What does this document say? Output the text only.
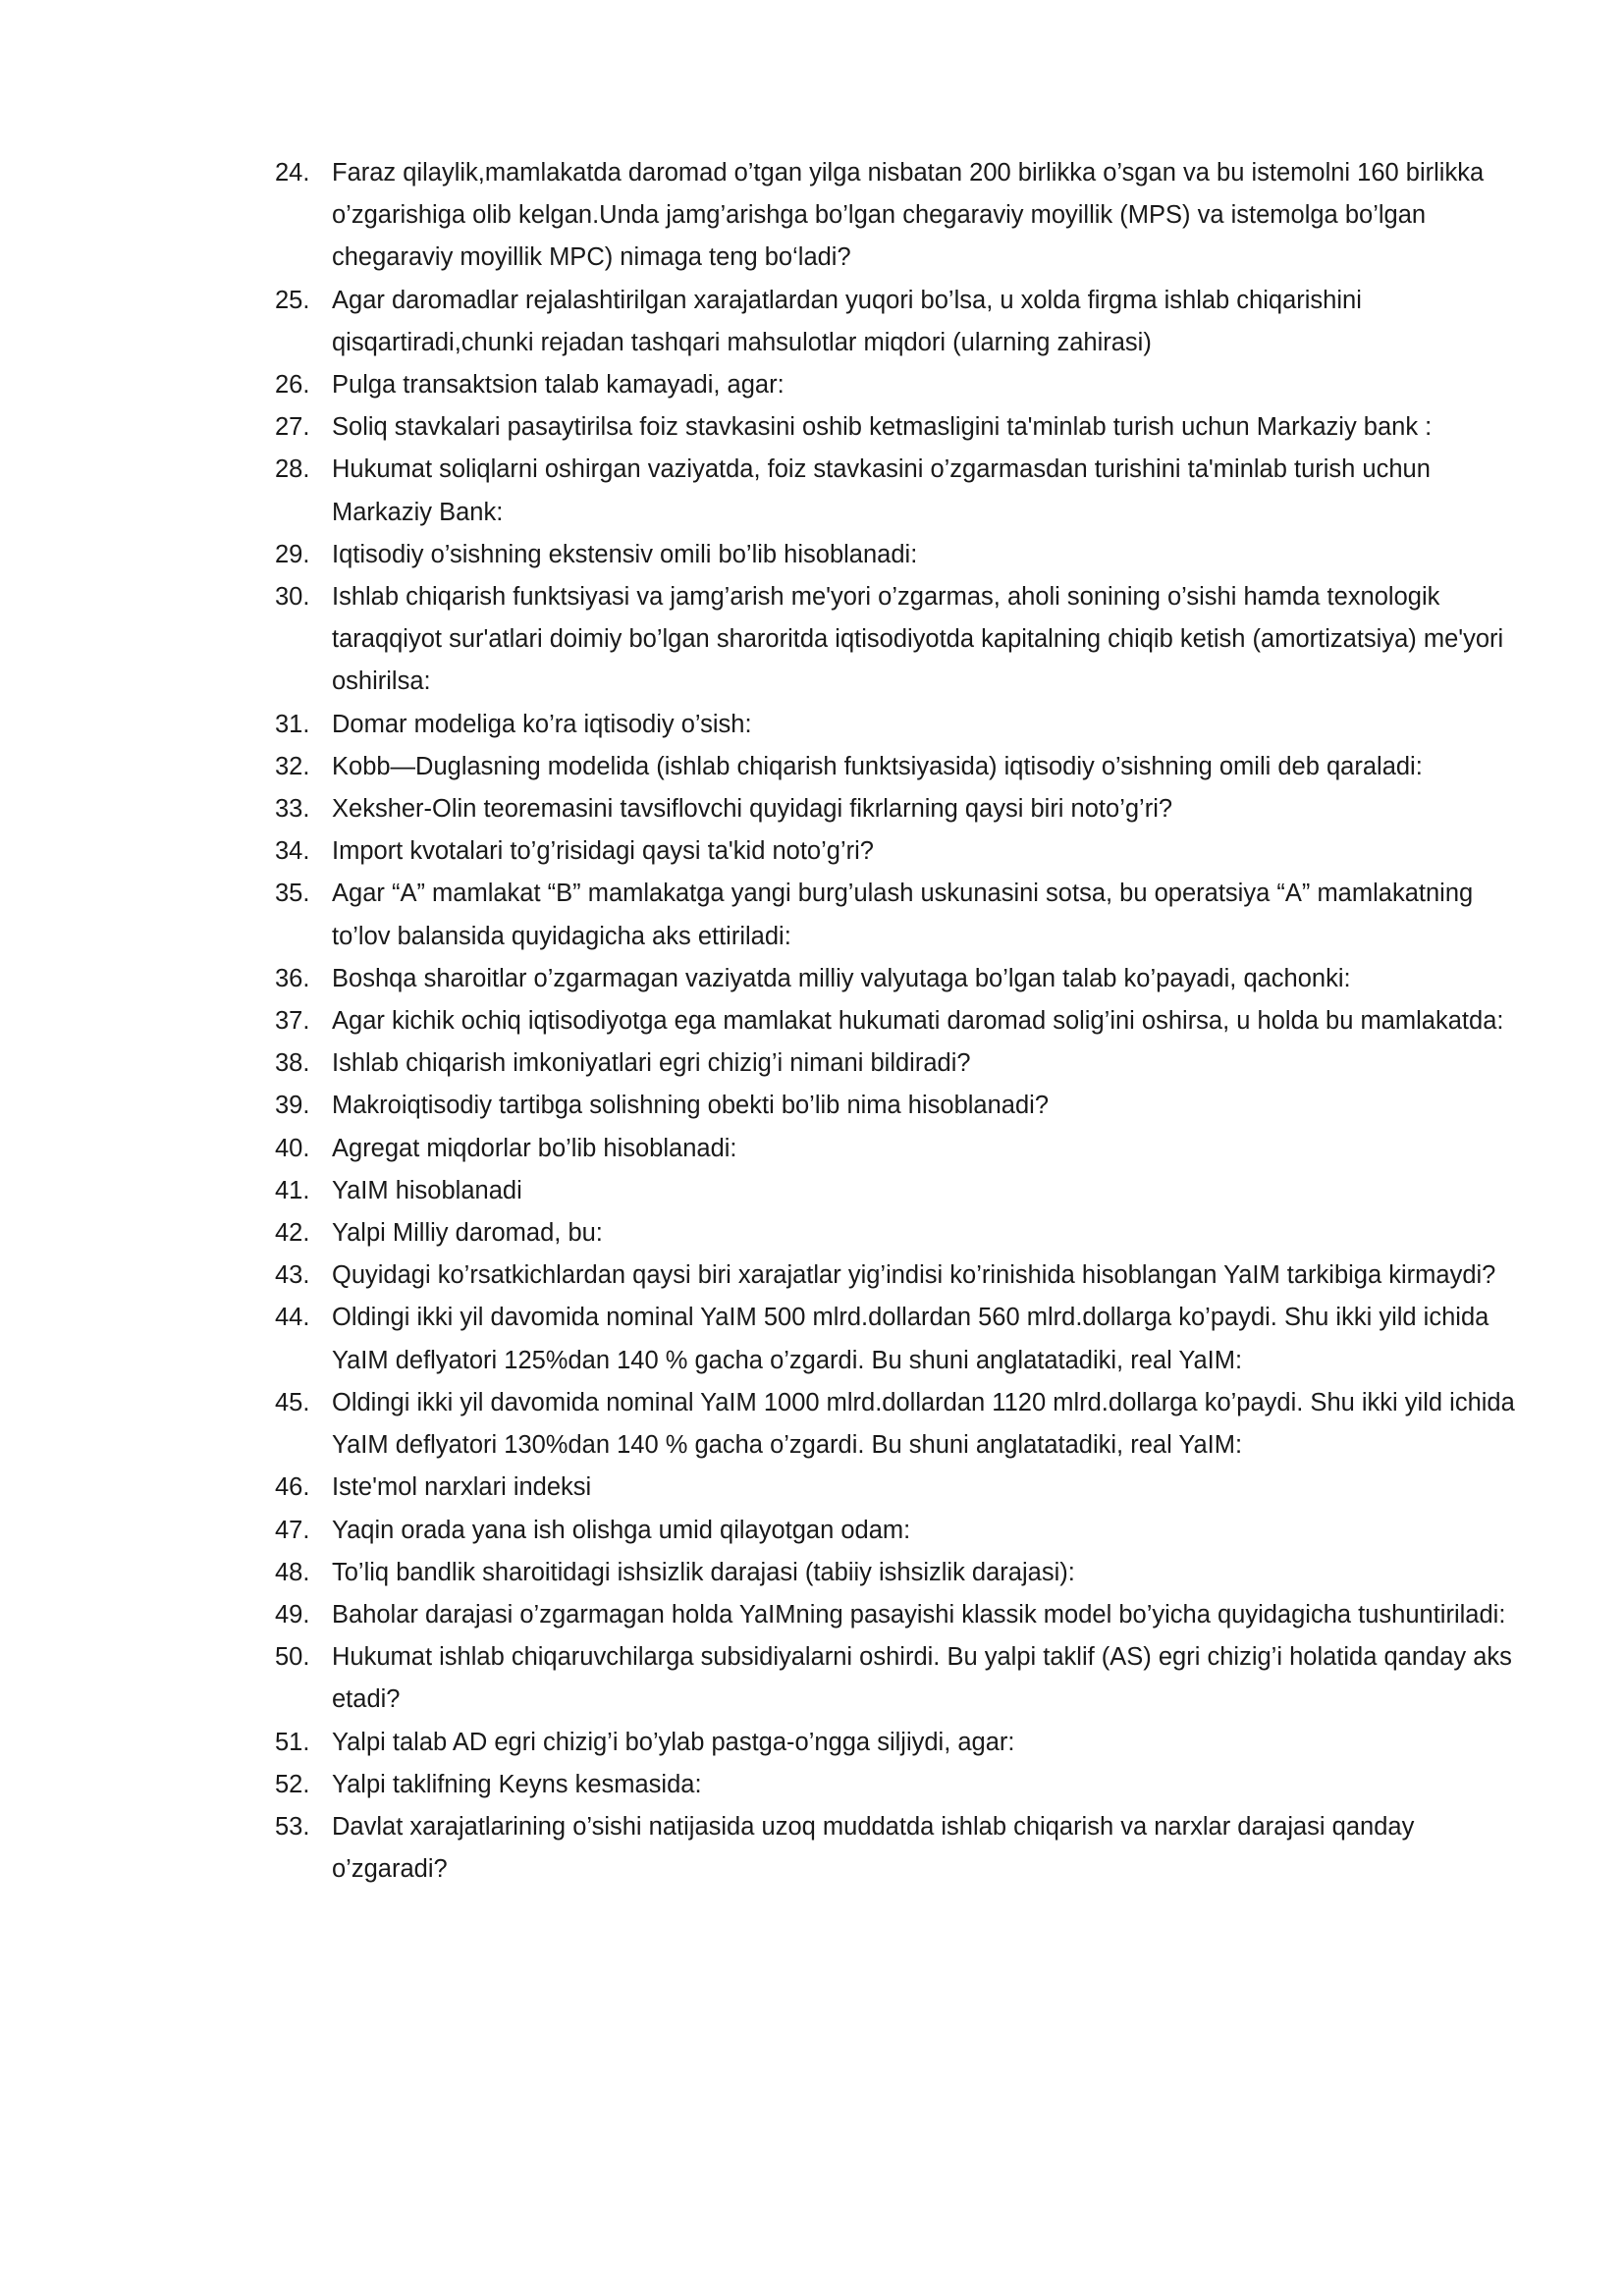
24. Faraz qilaylik,mamlakatda daromad o’tgan yilga nisbatan 200 birlikka o’sgan va bu istemolni 160 birlikka o’zgarishiga olib kelgan.Unda jamg’arishga bo’lgan chegaraviy moyillik (MPS) va istemolga bo’lgan chegaraviy moyillik MPC) nimaga teng bo‘ladi?
25. Agar daromadlar rejalashtirilgan xarajatlardan yuqori bo’lsa, u xolda firgma ishlab chiqarishini qisqartiradi,chunki rejadan tashqari mahsulotlar miqdori (ularning zahirasi)
26. Pulga transaktsion talab kamayadi, agar:
27. Soliq stavkalari pasaytirilsa foiz stavkasini oshib ketmasligini ta'minlab turish uchun Markaziy bank :
28. Hukumat soliqlarni oshirgan vaziyatda, foiz stavkasini o’zgarmasdan turishini ta'minlab turish uchun Markaziy Bank:
29. Iqtisodiy o’sishning ekstensiv omili bo’lib hisoblanadi:
30. Ishlab chiqarish funktsiyasi va jamg’arish me'yori o’zgarmas, aholi sonining o’sishi hamda texnologik taraqqiyot sur'atlari doimiy bo’lgan sharoritda iqtisodiyotda kapitalning chiqib ketish (amortizatsiya) me'yori oshirilsa:
31. Domar modeliga ko’ra iqtisodiy o’sish:
32. Kobb—Duglasning modelida (ishlab chiqarish funktsiyasida) iqtisodiy o’sishning omili deb qaraladi:
33. Xeksher-Olin teoremasini tavsiflovchi quyidagi fikrlarning qaysi biri noto’g’ri?
34. Import kvotalari to’g’risidagi qaysi ta'kid noto’g’ri?
35. Agar “A” mamlakat “B” mamlakatga yangi burg’ulash uskunasini sotsa, bu operatsiya “A” mamlakatning to’lov balansida quyidagicha aks ettiriladi:
36. Boshqa sharoitlar o’zgarmagan vaziyatda milliy valyutaga bo’lgan talab ko’payadi, qachonki:
37. Agar kichik ochiq iqtisodiyotga ega mamlakat hukumati daromad solig’ini oshirsa, u holda bu mamlakatda:
38. Ishlab chiqarish imkoniyatlari egri chizig’i nimani bildiradi?
39. Makroiqtisodiy tartibga solishning obekti bo’lib nima hisoblanadi?
40. Agregat miqdorlar bo’lib hisoblanadi:
41. YaIM hisoblanadi
42. Yalpi Milliy daromad, bu:
43. Quyidagi ko’rsatkichlardan qaysi biri xarajatlar yig’indisi ko’rinishida hisoblangan YaIM tarkibiga kirmaydi?
44. Oldingi ikki yil davomida nominal YaIM 500 mlrd.dollardan 560 mlrd.dollarga ko’paydi. Shu ikki yild ichida YaIM deflyatori 125%dan 140 % gacha o’zgardi. Bu shuni anglatatadiki, real YaIM:
45. Oldingi ikki yil davomida nominal YaIM 1000 mlrd.dollardan 1120 mlrd.dollarga ko’paydi. Shu ikki yild ichida YaIM deflyatori 130%dan 140 % gacha o’zgardi. Bu shuni anglatatadiki, real YaIM:
46. Iste'mol narxlari indeksi
47. Yaqin orada yana ish olishga umid qilayotgan odam:
48. To’liq bandlik sharoitidagi ishsizlik darajasi (tabiiy ishsizlik darajasi):
49. Baholar darajasi o’zgarmagan holda YaIMning pasayishi klassik model bo’yicha quyidagicha tushuntiriladi:
50. Hukumat ishlab chiqaruvchilarga subsidiyalarni oshirdi. Bu yalpi taklif (AS) egri chizig’i holatida qanday aks etadi?
51. Yalpi talab AD egri chizig’i bo’ylab pastga-o’ngga siljiydi, agar:
52. Yalpi taklifning Keyns kesmasida:
53. Davlat xarajatlarining o’sishi natijasida uzoq muddatda ishlab chiqarish va narxlar darajasi qanday o’zgaradi?
